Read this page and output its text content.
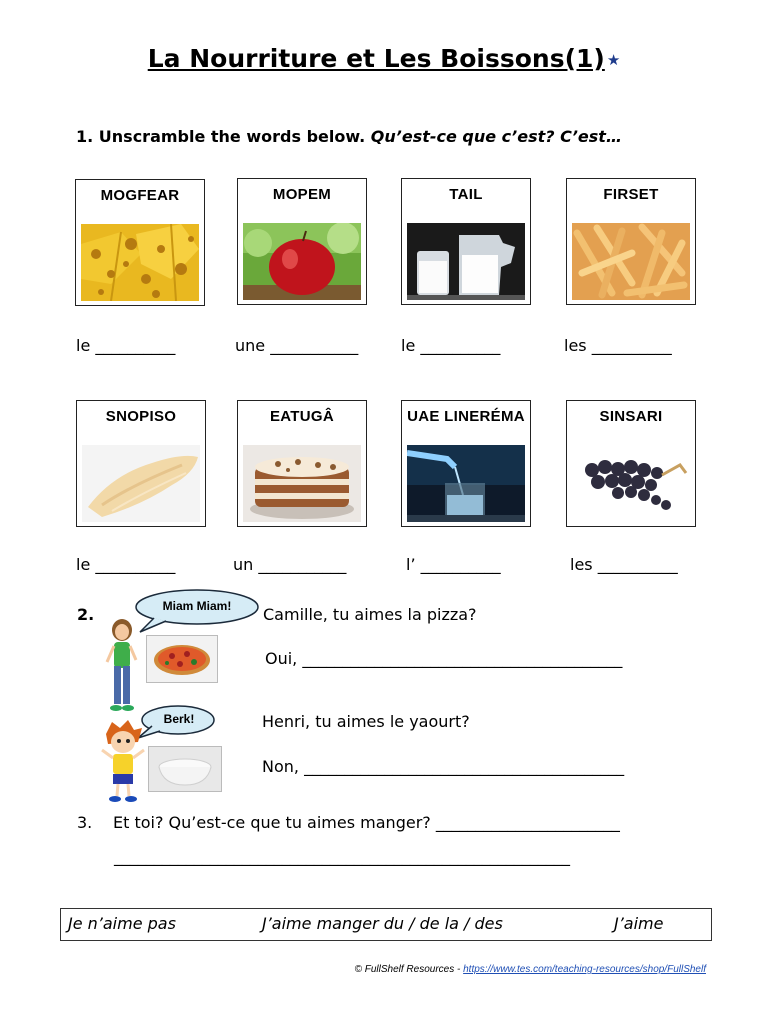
La Nourriture et Les Boissons(1) ★
1. Unscramble the words below. Qu’est-ce que c’est? C’est…
MOGFEAR	MOPEM	TAIL	FIRSET
le __________	une ___________	le __________	les __________
SNOPISO	EATUGÂ	UAE LINERÉMA	SINSARI
le __________	un ___________	l’ __________	les __________
2.	Miam Miam!	Camille, tu aimes la pizza?
Oui, ________________________________________
Berk!	Henri, tu aimes le yaourt?
Non, ________________________________________
3. Et toi? Qu’est-ce que tu aimes manger? _______________________
_________________________________________________________
Je n’aime pas	J’aime manger du / de la / des	J’aime
© FullShelf Resources - https://www.tes.com/teaching-resources/shop/FullShelf
